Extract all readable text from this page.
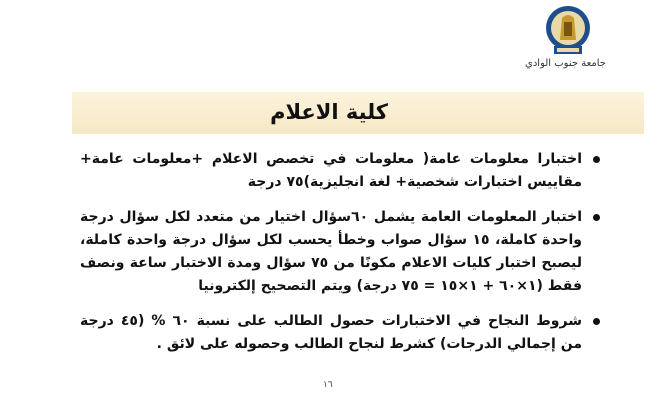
جامعة جنوب الوادي
كلية الاعلام
اختبارا معلومات عامة( معلومات في تخصص الاعلام +معلومات عامة+ مقاييس اختبارات شخصية+ لغة انجليزية)٧٥ درجة
اختبار المعلومات العامة يشمل ٦٠سؤال اختيار من متعدد لكل سؤال درجة واحدة كاملة، ١٥ سؤال صواب وخطأ يحسب لكل سؤال درجة واحدة كاملة، ليصبح اختبار كليات الاعلام مكونًا من ٧٥ سؤال ومدة الاختبار ساعة ونصف فقط (١×٦٠ + ١×١٥ = ٧٥ درجة) ويتم التصحيح إلكترونيا
شروط النجاح في الاختبارات حصول الطالب على نسبة ٦٠ % (٤٥ درجة من إجمالي الدرجات) كشرط لنجاح الطالب وحصوله على لائق .
١٦
